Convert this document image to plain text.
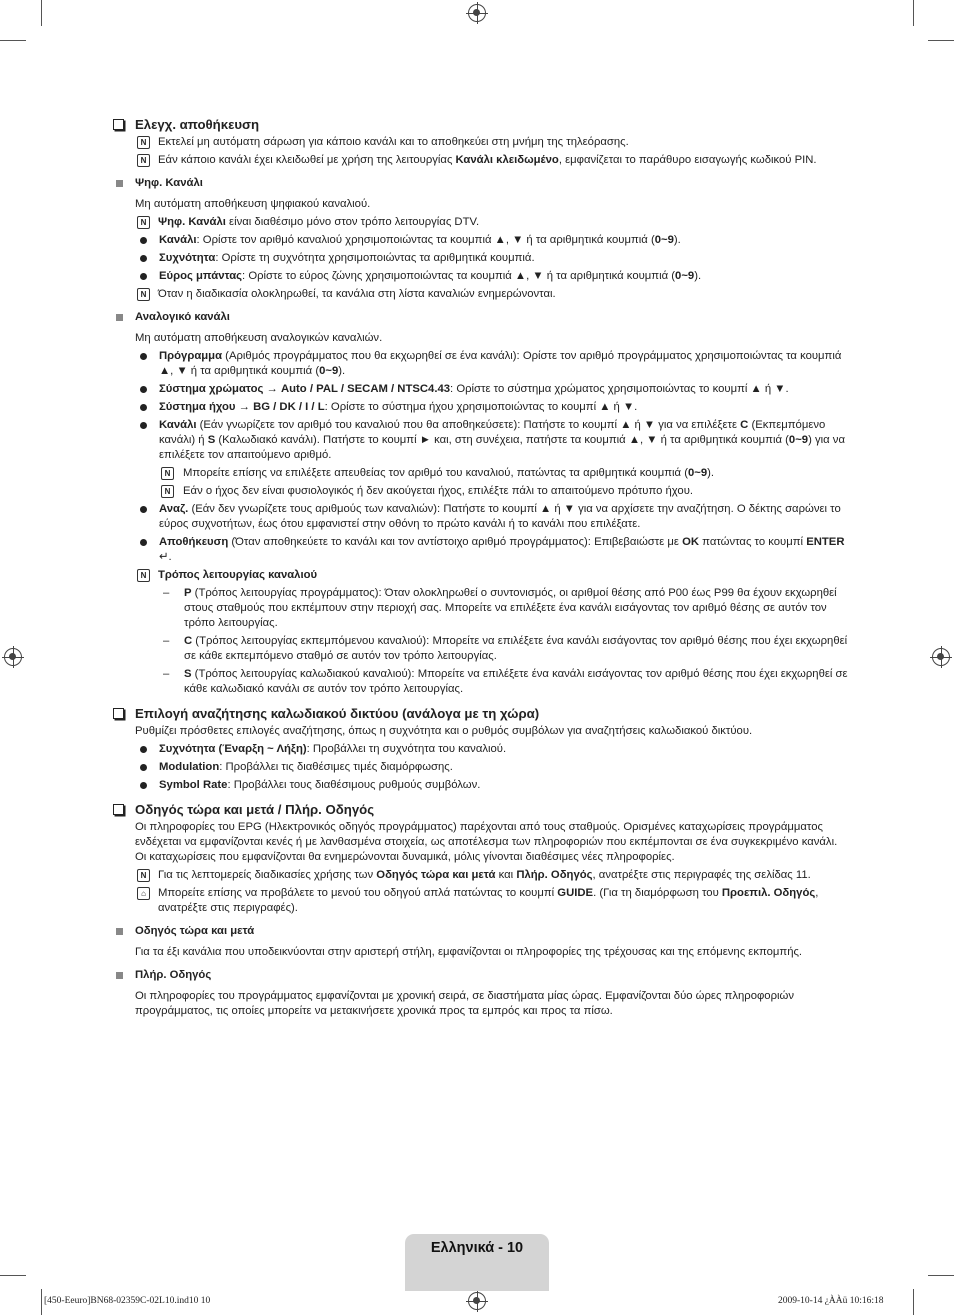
Ελεγχ. αποθήκευση
N	Εκτελεί μη αυτόματη σάρωση για κάποιο κανάλι και το αποθηκεύει στη μνήμη της τηλεόρασης.
N	Εάν κάποιο κανάλι έχει κλειδωθεί με χρήση της λειτουργίας Κανάλι κλειδωμένο, εμφανίζεται το παράθυρο εισαγωγής κωδικού PIN.
Ψηφ. Κανάλι
Μη αυτόματη αποθήκευση ψηφιακού καναλιού.
N	Ψηφ. Κανάλι είναι διαθέσιμο μόνο στον τρόπο λειτουργίας DTV.
Κανάλι: Ορίστε τον αριθμό καναλιού χρησιμοποιώντας τα κουμπιά ▲, ▼ ή τα αριθμητικά κουμπιά (0~9).
Συχνότητα: Ορίστε τη συχνότητα χρησιμοποιώντας τα αριθμητικά κουμπιά.
Εύρος μπάντας: Ορίστε το εύρος ζώνης χρησιμοποιώντας τα κουμπιά ▲, ▼ ή τα αριθμητικά κουμπιά (0~9).
N	Όταν η διαδικασία ολοκληρωθεί, τα κανάλια στη λίστα καναλιών ενημερώνονται.
Αναλογικό κανάλι
Μη αυτόματη αποθήκευση αναλογικών καναλιών.
Πρόγραμμα (Αριθμός προγράμματος που θα εκχωρηθεί σε ένα κανάλι): Ορίστε τον αριθμό προγράμματος χρησιμοποιώντας τα κουμπιά ▲, ▼ ή τα αριθμητικά κουμπιά (0~9).
Σύστημα χρώματος → Auto / PAL / SECAM / NTSC4.43: Ορίστε το σύστημα χρώματος χρησιμοποιώντας το κουμπί ▲ ή ▼.
Σύστημα ήχου → BG / DK / I / L: Ορίστε το σύστημα ήχου χρησιμοποιώντας το κουμπί ▲ ή ▼.
Κανάλι (Εάν γνωρίζετε τον αριθμό του καναλιού που θα αποθηκεύσετε): Πατήστε το κουμπί ▲ ή ▼ για να επιλέξετε C (Εκπεμπόμενο κανάλι) ή S (Καλωδιακό κανάλι). Πατήστε το κουμπί ► και, στη συνέχεια, πατήστε τα κουμπιά ▲, ▼ ή τα αριθμητικά κουμπιά (0~9) για να επιλέξετε τον απαιτούμενο αριθμό.
N	Μπορείτε επίσης να επιλέξετε απευθείας τον αριθμό του καναλιού, πατώντας τα αριθμητικά κουμπιά (0~9).
N	Εάν ο ήχος δεν είναι φυσιολογικός ή δεν ακούγεται ήχος, επιλέξτε πάλι το απαιτούμενο πρότυπο ήχου.
Αναζ. (Εάν δεν γνωρίζετε τους αριθμούς των καναλιών): Πατήστε το κουμπί ▲ ή ▼ για να αρχίσετε την αναζήτηση. Ο δέκτης σαρώνει το εύρος συχνοτήτων, έως ότου εμφανιστεί στην οθόνη το πρώτο κανάλι ή το κανάλι που επιλέξατε.
Αποθήκευση (Όταν αποθηκεύετε το κανάλι και τον αντίστοιχο αριθμό προγράμματος): Επιβεβαιώστε με OK πατώντας το κουμπί ENTER ↵.
N	Τρόπος λειτουργίας καναλιού
– P (Τρόπος λειτουργίας προγράμματος): Όταν ολοκληρωθεί ο συντονισμός, οι αριθμοί θέσης από P00 έως P99 θα έχουν εκχωρηθεί στους σταθμούς που εκπέμπουν στην περιοχή σας. Μπορείτε να επιλέξετε ένα κανάλι εισάγοντας τον αριθμό θέσης σε αυτόν τον τρόπο λειτουργίας.
– C (Τρόπος λειτουργίας εκπεμπόμενου καναλιού): Μπορείτε να επιλέξετε ένα κανάλι εισάγοντας τον αριθμό θέσης που έχει εκχωρηθεί σε κάθε εκπεμπόμενο σταθμό σε αυτόν τον τρόπο λειτουργίας.
– S (Τρόπος λειτουργίας καλωδιακού καναλιού): Μπορείτε να επιλέξετε ένα κανάλι εισάγοντας τον αριθμό θέσης που έχει εκχωρηθεί σε κάθε καλωδιακό κανάλι σε αυτόν τον τρόπο λειτουργίας.
Επιλογή αναζήτησης καλωδιακού δικτύου (ανάλογα με τη χώρα)
Ρυθμίζει πρόσθετες επιλογές αναζήτησης, όπως η συχνότητα και ο ρυθμός συμβόλων για αναζητήσεις καλωδιακού δικτύου.
Συχνότητα (Έναρξη ~ Λήξη): Προβάλλει τη συχνότητα του καναλιού.
Modulation: Προβάλλει τις διαθέσιμες τιμές διαμόρφωσης.
Symbol Rate: Προβάλλει τους διαθέσιμους ρυθμούς συμβόλων.
Οδηγός τώρα και μετά / Πλήρ. Οδηγός
Οι πληροφορίες του EPG (Ηλεκτρονικός οδηγός προγράμματος) παρέχονται από τους σταθμούς. Ορισμένες καταχωρίσεις προγράμματος ενδέχεται να εμφανίζονται κενές ή με λανθασμένα στοιχεία, ως αποτέλεσμα των πληροφοριών που εκπέμπονται σε ένα συγκεκριμένο κανάλι. Οι καταχωρίσεις που εμφανίζονται θα ενημερώνονται δυναμικά, μόλις γίνονται διαθέσιμες νέες πληροφορίες.
N	Για τις λεπτομερείς διαδικασίες χρήσης των Οδηγός τώρα και μετά και Πλήρ. Οδηγός, ανατρέξτε στις περιγραφές της σελίδας 11.
⌂	Μπορείτε επίσης να προβάλετε το μενού του οδηγού απλά πατώντας το κουμπί GUIDE. (Για τη διαμόρφωση του Προεπιλ. Οδηγός, ανατρέξτε στις περιγραφές).
Οδηγός τώρα και μετά
Για τα έξι κανάλια που υποδεικνύονται στην αριστερή στήλη, εμφανίζονται οι πληροφορίες της τρέχουσας και της επόμενης εκπομπής.
Πλήρ. Οδηγός
Οι πληροφορίες του προγράμματος εμφανίζονται με χρονική σειρά, σε διαστήματα μίας ώρας. Εμφανίζονται δύο ώρες πληροφοριών προγράμματος, τις οποίες μπορείτε να μετακινήσετε χρονικά προς τα εμπρός και προς τα πίσω.
Ελληνικά - 10
[450-Eeuro]BN68-02359C-02L10.ind10 10	2009-10-14 ¿ÀÀü 10:16:18
